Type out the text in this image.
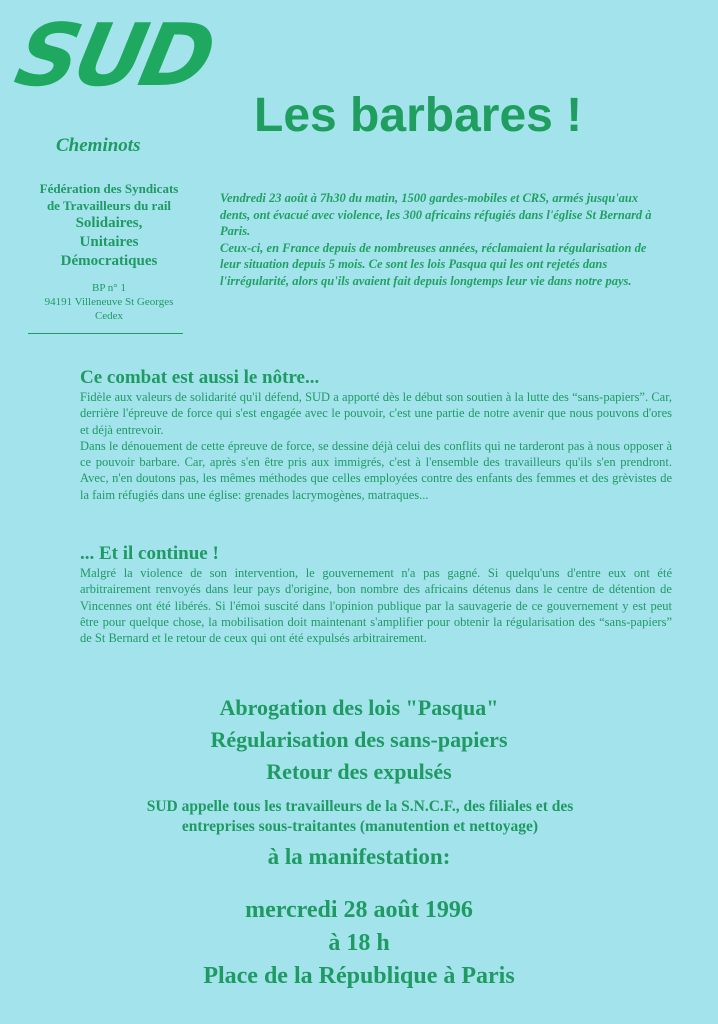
SUD
Cheminots
Fédération des Syndicats
de Travailleurs du rail
Solidaires,
Unitaires
Démocratiques
BP n° 1
94191 Villeneuve St Georges
Cedex
Les barbares !

Vendredi 23 août à 7h30 du matin, 1500 gardes-mobiles et CRS, armés jusqu'aux dents, ont évacué avec violence, les 300 africains réfugiés dans l'église St Bernard à Paris.

Ceux-ci, en France depuis de nombreuses années, réclamaient la régularisation de leur situation depuis 5 mois. Ce sont les lois Pasqua qui les ont rejetés dans l'irrégularité, alors qu'ils avaient fait depuis longtemps leur vie dans notre pays.

Ce combat est aussi le nôtre...

Fidèle aux valeurs de solidarité qu'il défend, SUD a apporté dès le début son soutien à la lutte des “sans-papiers”. Car, derrière l'épreuve de force qui s'est engagée avec le pouvoir, c'est une partie de notre avenir que nous pouvons d'ores et déjà entrevoir.

Dans le dénouement de cette épreuve de force, se dessine déjà celui des conflits qui ne tarderont pas à nous opposer à ce pouvoir barbare. Car, après s'en être pris aux immigrés, c'est à l'ensemble des travailleurs qu'ils s'en prendront. Avec, n'en doutons pas, les mêmes méthodes que celles employées contre des enfants des femmes et des grèvistes de la faim réfugiés dans une église: grenades lacrymogènes, matraques...

... Et il continue !

Malgré la violence de son intervention, le gouvernement n'a pas gagné. Si quelqu'uns d'entre eux ont été arbitrairement renvoyés dans leur pays d'origine, bon nombre des africains détenus dans le centre de détention de Vincennes ont été libérés. Si l'émoi suscité dans l'opinion publique par la sauvagerie de ce gouvernement y est peut être pour quelque chose, la mobilisation doit maintenant s'amplifier pour obtenir la régularisation des “sans-papiers” de St Bernard et le retour de ceux qui ont été expulsés arbitrairement.

Abrogation des lois "Pasqua"
Régularisation des sans-papiers
Retour des expulsés
SUD appelle tous les travailleurs de la S.N.C.F., des filiales et des
entreprises sous-traitantes (manutention et nettoyage)
à la manifestation:
mercredi 28 août 1996
à 18 h
Place de la République à Paris
